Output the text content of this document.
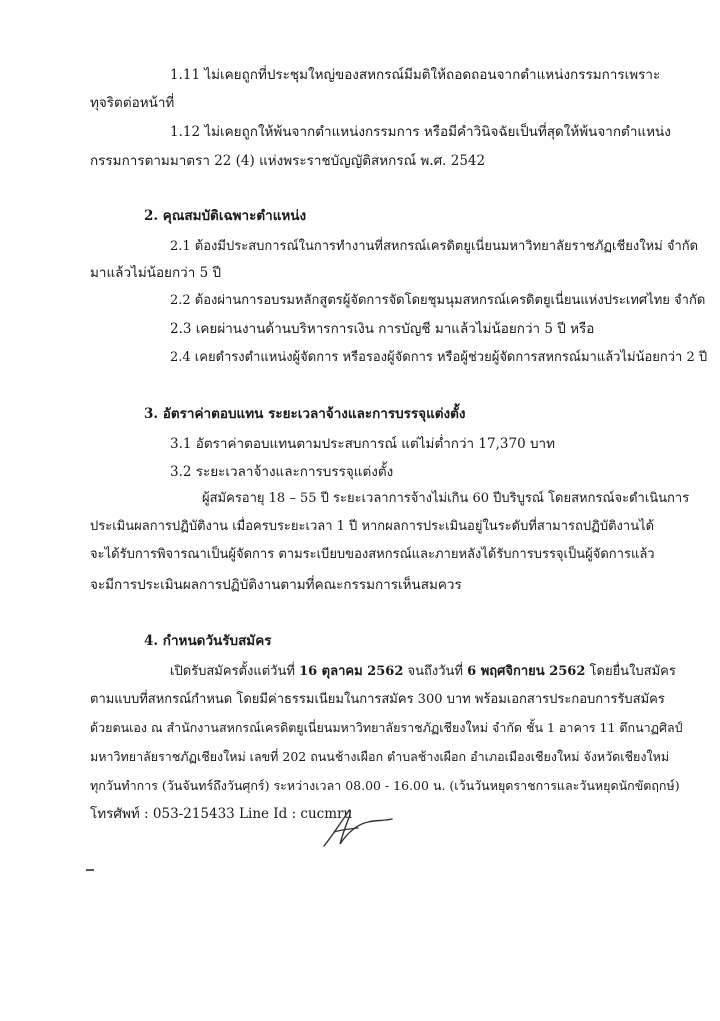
1.11 ไม่เคยถูกที่ประชุมใหญ่ของสหกรณ์มีมติให้ถอดถอนจากตำแหน่งกรรมการเพราะ
ทุจริตต่อหน้าที่
1.12 ไม่เคยถูกให้พ้นจากตำแหน่งกรรมการ หรือมีคำวินิจฉัยเป็นที่สุดให้พ้นจากตำแหน่ง
กรรมการตามมาตรา 22 (4) แห่งพระราชบัญญัติสหกรณ์ พ.ศ. 2542
2. คุณสมบัติเฉพาะตำแหน่ง
2.1 ต้องมีประสบการณ์ในการทำงานที่สหกรณ์เครดิตยูเนี่ยนมหาวิทยาลัยราชภัฏเชียงใหม่ จำกัด
มาแล้วไม่น้อยกว่า 5 ปี
2.2 ต้องผ่านการอบรมหลักสูตรผู้จัดการจัดโดยชุมนุมสหกรณ์เครดิตยูเนี่ยนแห่งประเทศไทย จำกัด
2.3 เคยผ่านงานด้านบริหารการเงิน การบัญชี มาแล้วไม่น้อยกว่า 5 ปี หรือ
2.4 เคยดำรงตำแหน่งผู้จัดการ หรือรองผู้จัดการ หรือผู้ช่วยผู้จัดการสหกรณ์มาแล้วไม่น้อยกว่า 2 ปี
3. อัตราค่าตอบแทน ระยะเวลาจ้างและการบรรจุแต่งตั้ง
3.1 อัตราค่าตอบแทนตามประสบการณ์ แต่ไม่ต่ำกว่า 17,370 บาท
3.2 ระยะเวลาจ้างและการบรรจุแต่งตั้ง
ผู้สมัครอายุ 18 – 55 ปี ระยะเวลาการจ้างไม่เกิน 60 ปีบริบูรณ์ โดยสหกรณ์จะดำเนินการ
ประเมินผลการปฏิบัติงาน เมื่อครบระยะเวลา 1 ปี หากผลการประเมินอยู่ในระดับที่สามารถปฏิบัติงานได้
จะได้รับการพิจารณาเป็นผู้จัดการ ตามระเบียบของสหกรณ์และภายหลังได้รับการบรรจุเป็นผู้จัดการแล้ว
จะมีการประเมินผลการปฏิบัติงานตามที่คณะกรรมการเห็นสมควร
4. กำหนดวันรับสมัคร
เปิดรับสมัครตั้งแต่วันที่ 16 ตุลาคม 2562 จนถึงวันที่ 6 พฤศจิกายน 2562 โดยยื่นใบสมัคร
ตามแบบที่สหกรณ์กำหนด โดยมีค่าธรรมเนียมในการสมัคร 300 บาท พร้อมเอกสารประกอบการรับสมัคร
ด้วยตนเอง ณ สำนักงานสหกรณ์เครดิตยูเนี่ยนมหาวิทยาลัยราชภัฏเชียงใหม่ จำกัด ชั้น 1 อาคาร 11 ตึกนาฏศิลป์
มหาวิทยาลัยราชภัฏเชียงใหม่ เลขที่ 202 ถนนช้างเผือก ตำบลช้างเผือก อำเภอเมืองเชียงใหม่ จังหวัดเชียงใหม่
ทุกวันทำการ (วันจันทร์ถึงวันศุกร์) ระหว่างเวลา 08.00 - 16.00 น. (เว้นวันหยุดราชการและวันหยุดนักขัตฤกษ์)
โทรศัพท์ : 053-215433 Line Id : cucmru
